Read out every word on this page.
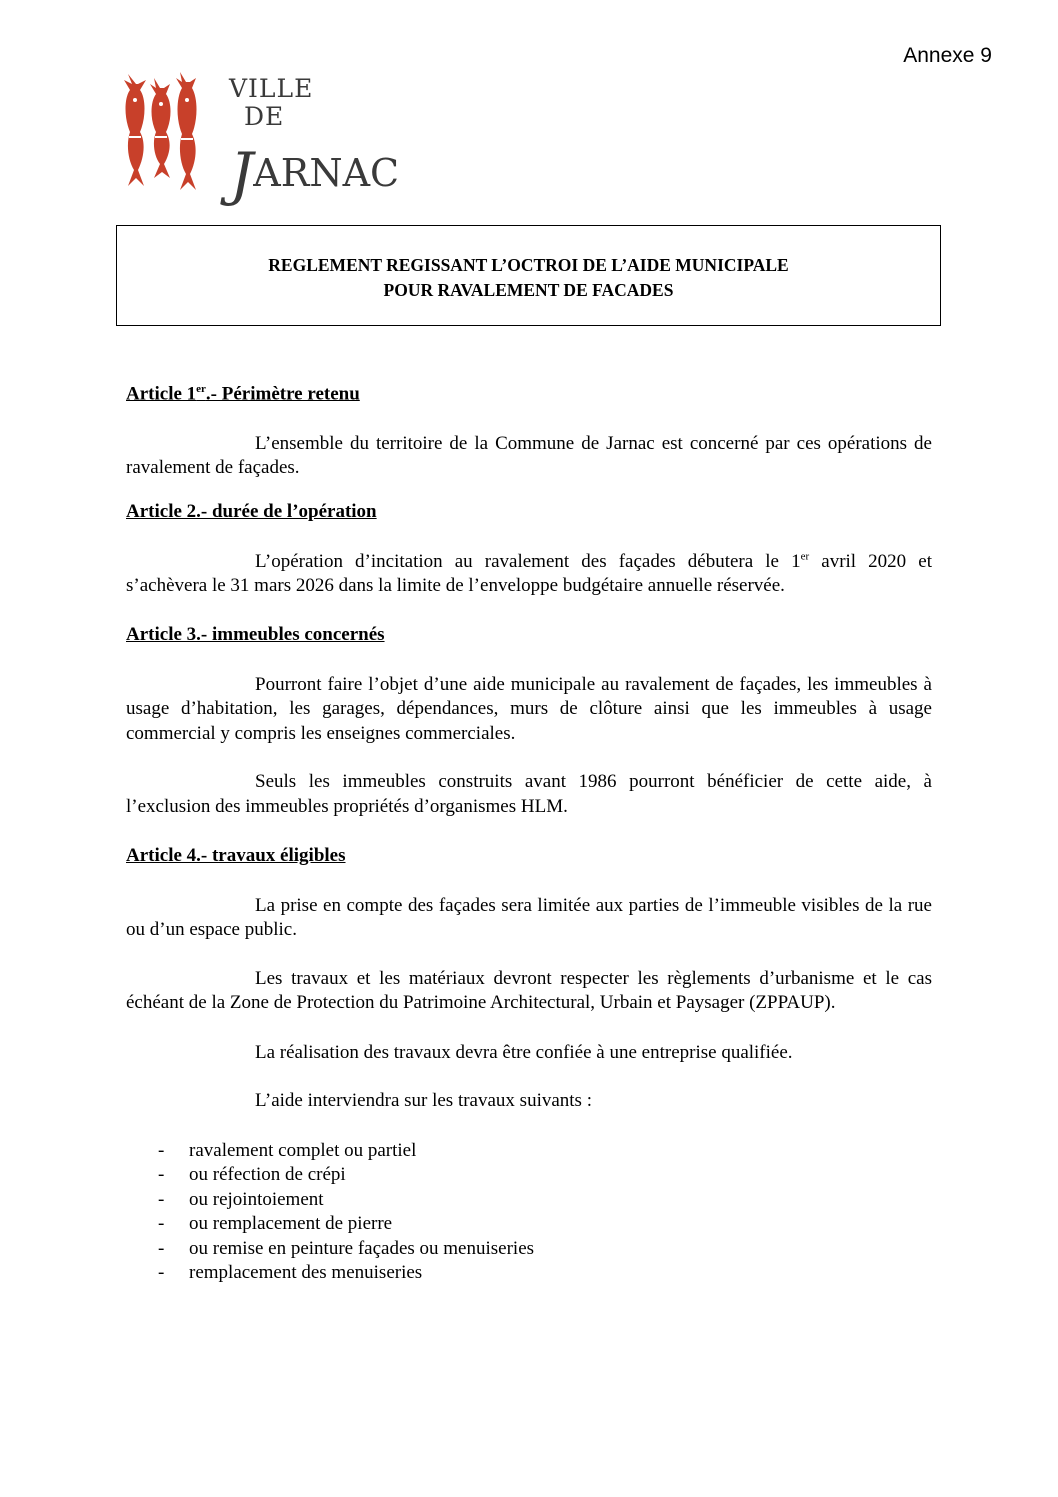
Annexe 9
VILLE
DE
JARNAC
REGLEMENT REGISSANT L’OCTROI DE L’AIDE MUNICIPALE
POUR RAVALEMENT DE FACADES
Article 1er.- Périmètre retenu

L’ensemble du territoire de la Commune de Jarnac est concerné par ces opérations de ravalement de façades.

Article 2.- durée de l’opération

L’opération d’incitation au ravalement des façades débutera le 1er avril 2020 et s’achèvera le 31 mars 2026 dans la limite de l’enveloppe budgétaire annuelle réservée.

Article 3.- immeubles concernés

Pourront faire l’objet d’une aide municipale au ravalement de façades, les immeubles à usage d’habitation, les garages, dépendances, murs de clôture ainsi que les immeubles à usage commercial y compris les enseignes commerciales.

Seuls les immeubles construits avant 1986 pourront bénéficier de cette aide, à l’exclusion des immeubles propriétés d’organismes HLM.

Article 4.- travaux éligibles

La prise en compte des façades sera limitée aux parties de l’immeuble visibles de la rue ou d’un espace public.

Les travaux et les matériaux devront respecter les règlements d’urbanisme et le cas échéant de la Zone de Protection du Patrimoine Architectural, Urbain et Paysager (ZPPAUP).

La réalisation des travaux devra être confiée à une entreprise qualifiée.

L’aide interviendra sur les travaux suivants :

- ravalement complet ou partiel
- ou réfection de crépi
- ou rejointoiement
- ou remplacement de pierre
- ou remise en peinture façades ou menuiseries
- remplacement des menuiseries
